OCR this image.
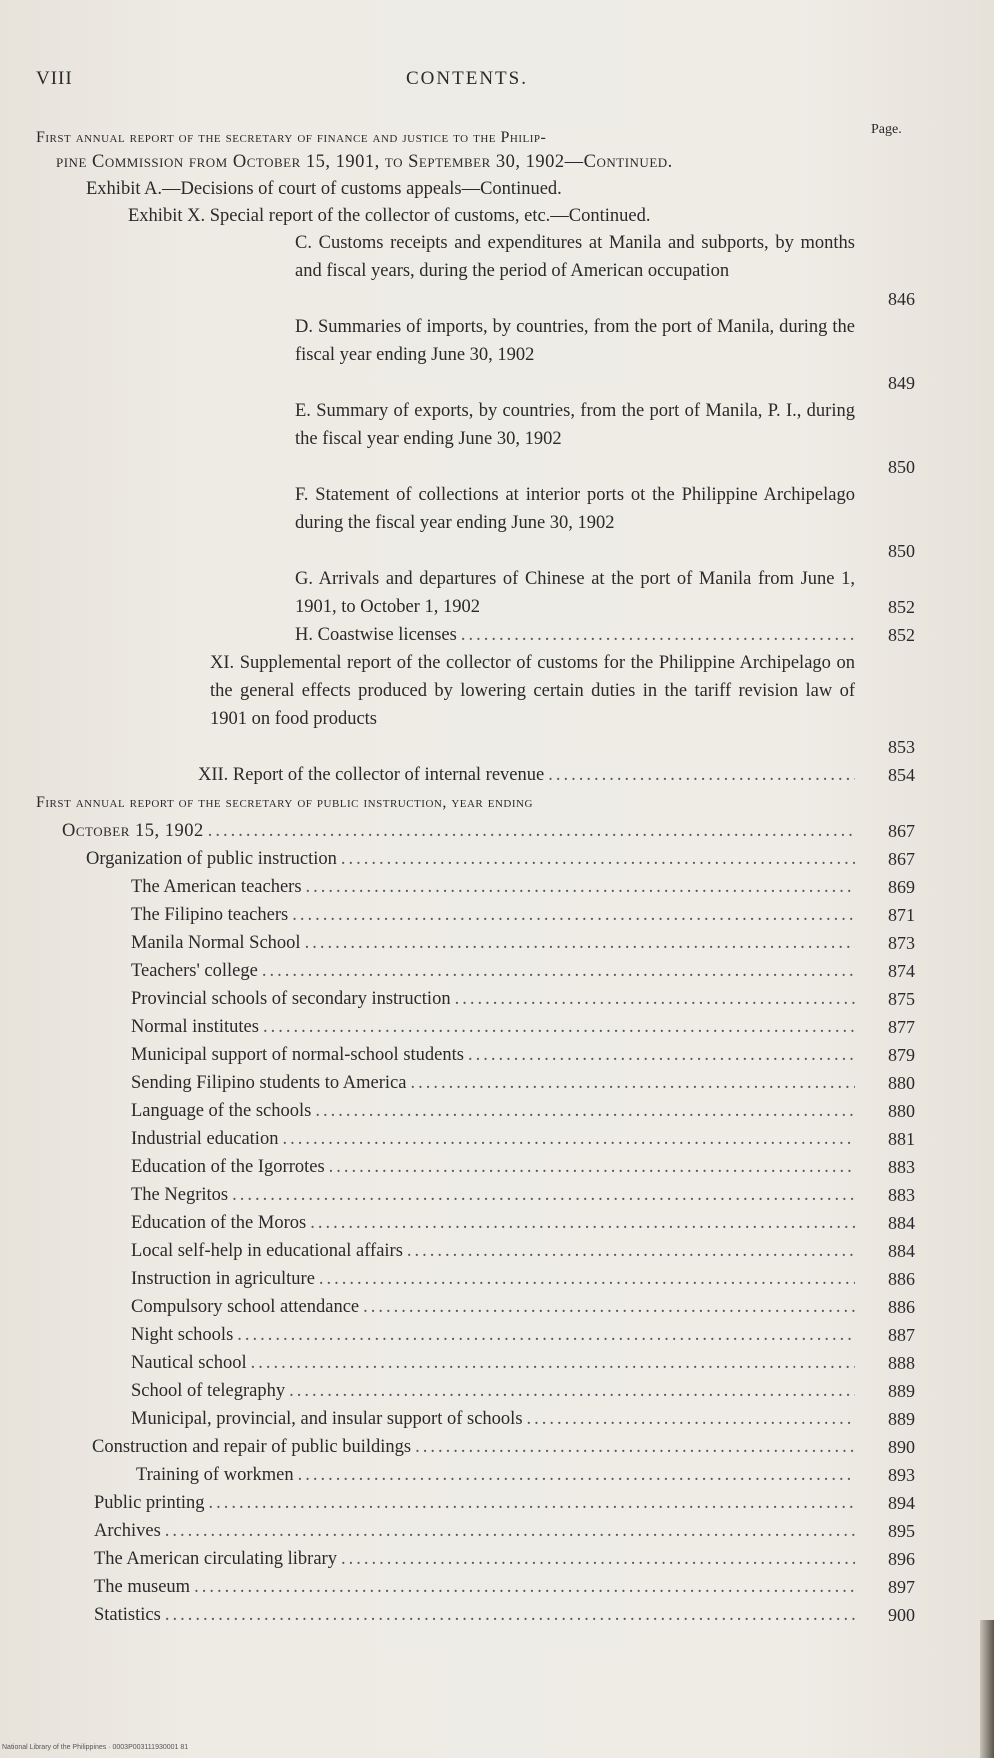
VIII	CONTENTS.
Page.
First annual report of the secretary of finance and justice to the Philip-
pine Commission from October 15, 1901, to September 30, 1902—Continued.
Exhibit A.—Decisions of court of customs appeals—Continued.
Exhibit X. Special report of the collector of customs, etc.—Continued.
C. Customs receipts and expenditures at Manila and subports, by months and fiscal years, during the period of American occupation
846
D. Summaries of imports, by countries, from the port of Manila, during the fiscal year ending June 30, 1902
849
E. Summary of exports, by countries, from the port of Manila, P. I., during the fiscal year ending June 30, 1902
850
F. Statement of collections at interior ports ot the Philippine Archipelago during the fiscal year ending June 30, 1902
850
G. Arrivals and departures of Chinese at the port of Manila from June 1, 1901, to October 1, 1902	852
H. Coastwise licenses .....	852
XI. Supplemental report of the collector of customs for the Philippine Archipelago on the general effects produced by lowering certain duties in the tariff revision law of 1901 on food products
853
XII. Report of the collector of internal revenue .....	854
First annual report of the secretary of public instruction, year ending
October 15, 1902 .....	867
Organization of public instruction .....	867
The American teachers .....	869
The Filipino teachers .....	871
Manila Normal School .....	873
Teachers' college .....	874
Provincial schools of secondary instruction .....	875
Normal institutes .....	877
Municipal support of normal-school students .....	879
Sending Filipino students to America .....	880
Language of the schools .....	880
Industrial education .....	881
Education of the Igorrotes .....	883
The Negritos .....	883
Education of the Moros .....	884
Local self-help in educational affairs .....	884
Instruction in agriculture .....	886
Compulsory school attendance .....	886
Night schools .....	887
Nautical school .....	888
School of telegraphy .....	889
Municipal, provincial, and insular support of schools .....	889
Construction and repair of public buildings .....	890
Training of workmen .....	893
Public printing .....	894
Archives .....	895
The American circulating library .....	896
The museum .....	897
Statistics .....	900
National Library of the Philippines · 0003P003111930001 81
